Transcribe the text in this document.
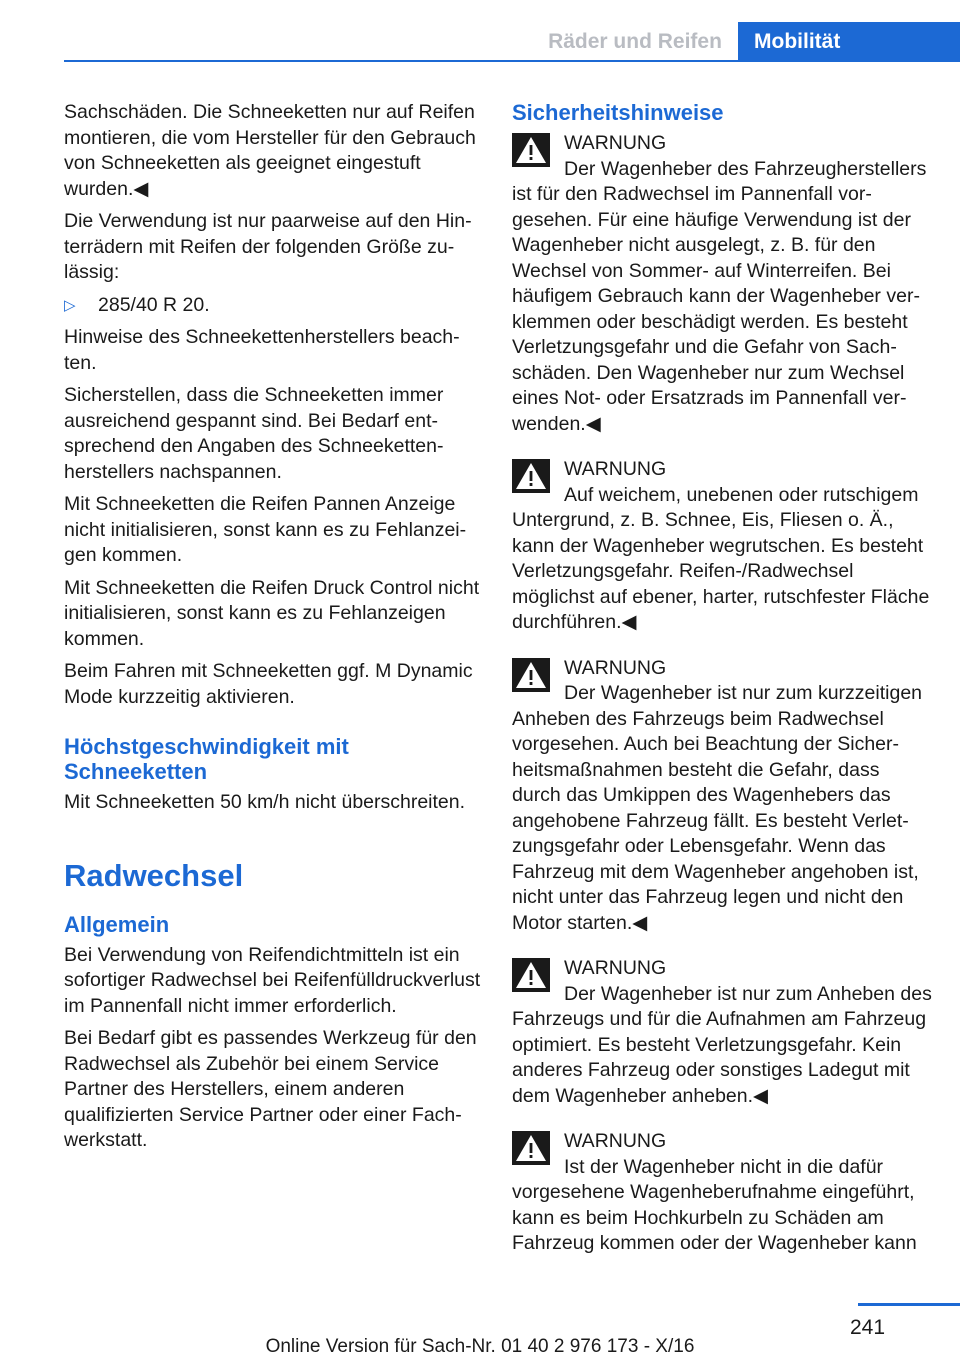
Räder und Reifen	Mobilität

Sachschäden. Die Schneeketten nur auf Reifen montieren, die vom Hersteller für den Gebrauch von Schneeketten als geeignet eingestuft wurden.◀

Die Verwendung ist nur paarweise auf den Hinterrädern mit Reifen der folgenden Größe zulässig:

▷	285/40 R 20.

Hinweise des Schneekettenherstellers beachten.

Sicherstellen, dass die Schneeketten immer ausreichend gespannt sind. Bei Bedarf entsprechend den Angaben des Schneekettenherstellers nachspannen.

Mit Schneeketten die Reifen Pannen Anzeige nicht initialisieren, sonst kann es zu Fehlanzeigen kommen.

Mit Schneeketten die Reifen Druck Control nicht initialisieren, sonst kann es zu Fehlanzeigen kommen.

Beim Fahren mit Schneeketten ggf. M Dynamic Mode kurzzeitig aktivieren.

Höchstgeschwindigkeit mit Schneeketten

Mit Schneeketten 50 km/h nicht überschreiten.

Radwechsel
Allgemein

Bei Verwendung von Reifendichtmitteln ist ein sofortiger Radwechsel bei Reifenfülldruckverlust im Pannenfall nicht immer erforderlich.

Bei Bedarf gibt es passendes Werkzeug für den Radwechsel als Zubehör bei einem Service Partner des Herstellers, einem anderen qualifizierten Service Partner oder einer Fachwerkstatt.

Sicherheitshinweise
WARNUNG

Der Wagenheber des Fahrzeugherstellers ist für den Radwechsel im Pannenfall vorgesehen. Für eine häufige Verwendung ist der Wagenheber nicht ausgelegt, z. B. für den Wechsel von Sommer- auf Winterreifen. Bei häufigem Gebrauch kann der Wagenheber verklemmen oder beschädigt werden. Es besteht Verletzungsgefahr und die Gefahr von Sachschäden. Den Wagenheber nur zum Wechsel eines Not- oder Ersatzrads im Pannenfall verwenden.◀

WARNUNG

Auf weichem, unebenen oder rutschigem Untergrund, z. B. Schnee, Eis, Fliesen o. Ä., kann der Wagenheber wegrutschen. Es besteht Verletzungsgefahr. Reifen-/Radwechsel möglichst auf ebener, harter, rutschfester Fläche durchführen.◀

WARNUNG

Der Wagenheber ist nur zum kurzzeitigen Anheben des Fahrzeugs beim Radwechsel vorgesehen. Auch bei Beachtung der Sicherheitsmaßnahmen besteht die Gefahr, dass durch das Umkippen des Wagenhebers das angehobene Fahrzeug fällt. Es besteht Verletzungsgefahr oder Lebensgefahr. Wenn das Fahrzeug mit dem Wagenheber angehoben ist, nicht unter das Fahrzeug legen und nicht den Motor starten.◀

WARNUNG

Der Wagenheber ist nur zum Anheben des Fahrzeugs und für die Aufnahmen am Fahrzeug optimiert. Es besteht Verletzungsgefahr. Kein anderes Fahrzeug oder sonstiges Ladegut mit dem Wagenheber anheben.◀

WARNUNG

Ist der Wagenheber nicht in die dafür vorgesehene Wagenheberufnahme eingeführt, kann es beim Hochkurbeln zu Schäden am Fahrzeug kommen oder der Wagenheber kann

241
Online Version für Sach-Nr. 01 40 2 976 173 - X/16
